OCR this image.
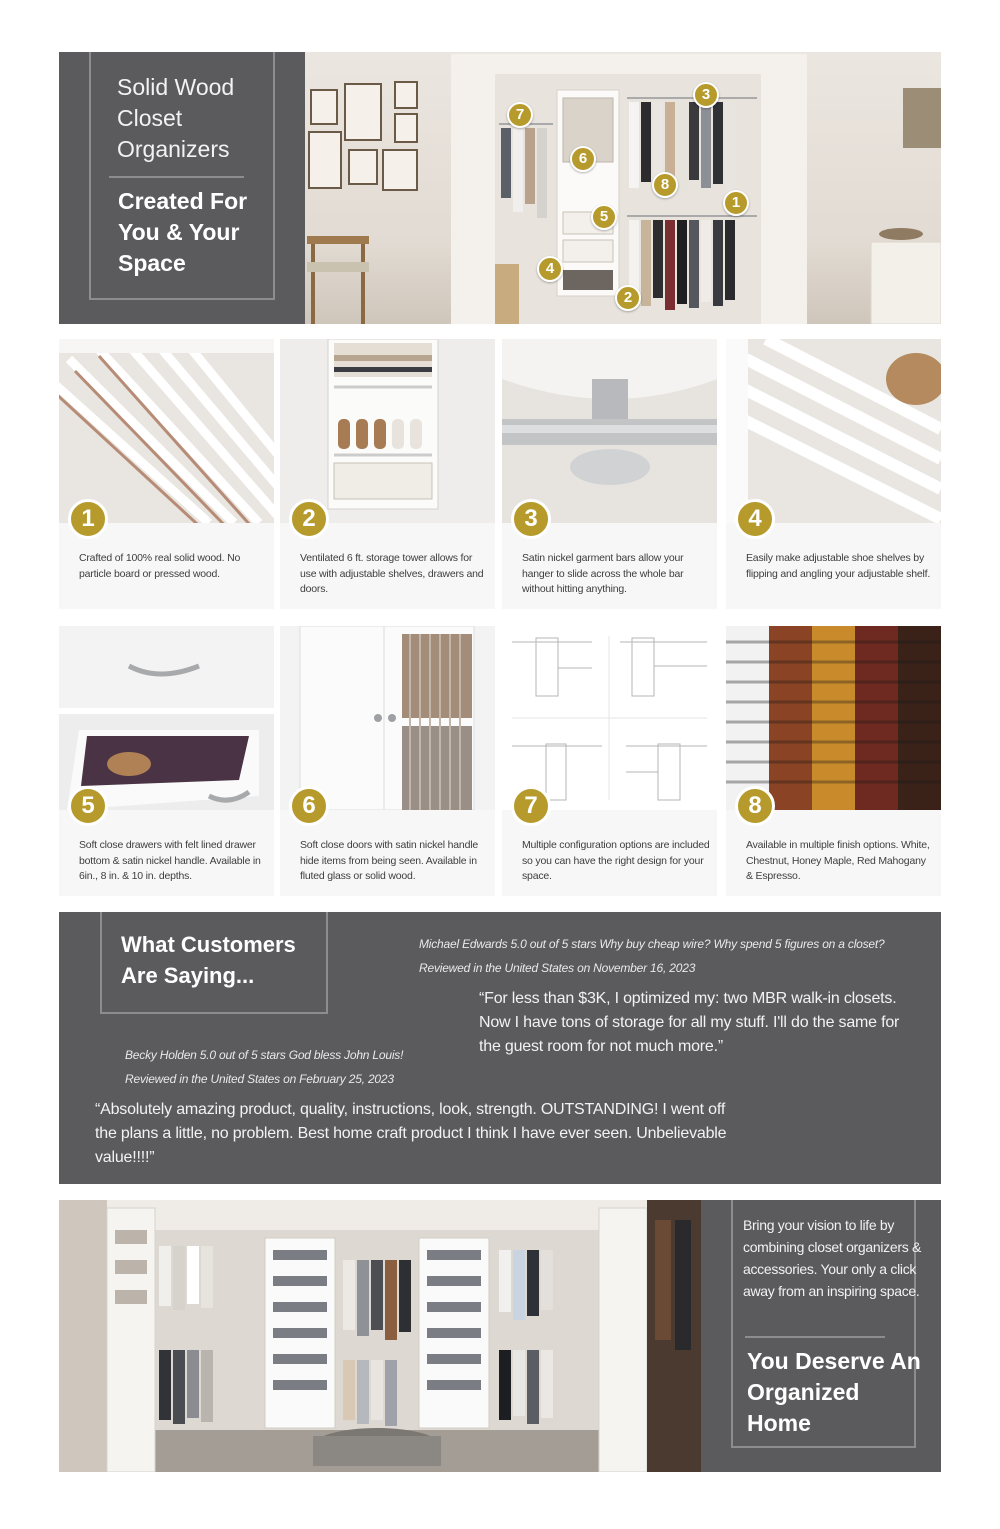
Solid Wood Closet Organizers
Created For You & Your Space
7
3
6
8
1
5
4
2
1
Crafted of 100% real solid wood. No particle board or pressed wood.
2
Ventilated 6 ft. storage tower allows for use with adjustable shelves, drawers and doors.
3
Satin nickel garment bars allow your hanger to slide across the whole bar without hitting anything.
4
Easily make adjustable shoe shelves by flipping and angling your adjustable shelf.
5
Soft close drawers with felt lined drawer bottom & satin nickel handle. Available in 6in., 8 in. & 10 in. depths.
6
Soft close doors with satin nickel handle hide items from being seen. Available in fluted glass or solid wood.
7
Multiple configuration options are included so you can have the right design for your space.
8
Available in multiple finish options. White, Chestnut, Honey Maple, Red Mahogany & Espresso.
What Customers Are Saying...
Michael Edwards 5.0 out of 5 stars Why buy cheap wire? Why spend 5 figures on a closet?
Reviewed in the United States on November 16, 2023
“For less than $3K, I optimized my: two MBR walk-in closets. Now I have tons of storage for all my stuff. I'll do the same for the guest room for not much more.”
Becky Holden 5.0 out of 5 stars God bless John Louis!
Reviewed in the United States on February 25, 2023
“Absolutely amazing product, quality, instructions, look, strength. OUTSTANDING! I went off the plans a little, no problem. Best home craft product I think I have ever seen. Unbelievable value!!!!”
Bring your vision to life by combining closet organizers & accessories. Your only a click away from an inspiring space.
You Deserve An Organized Home
